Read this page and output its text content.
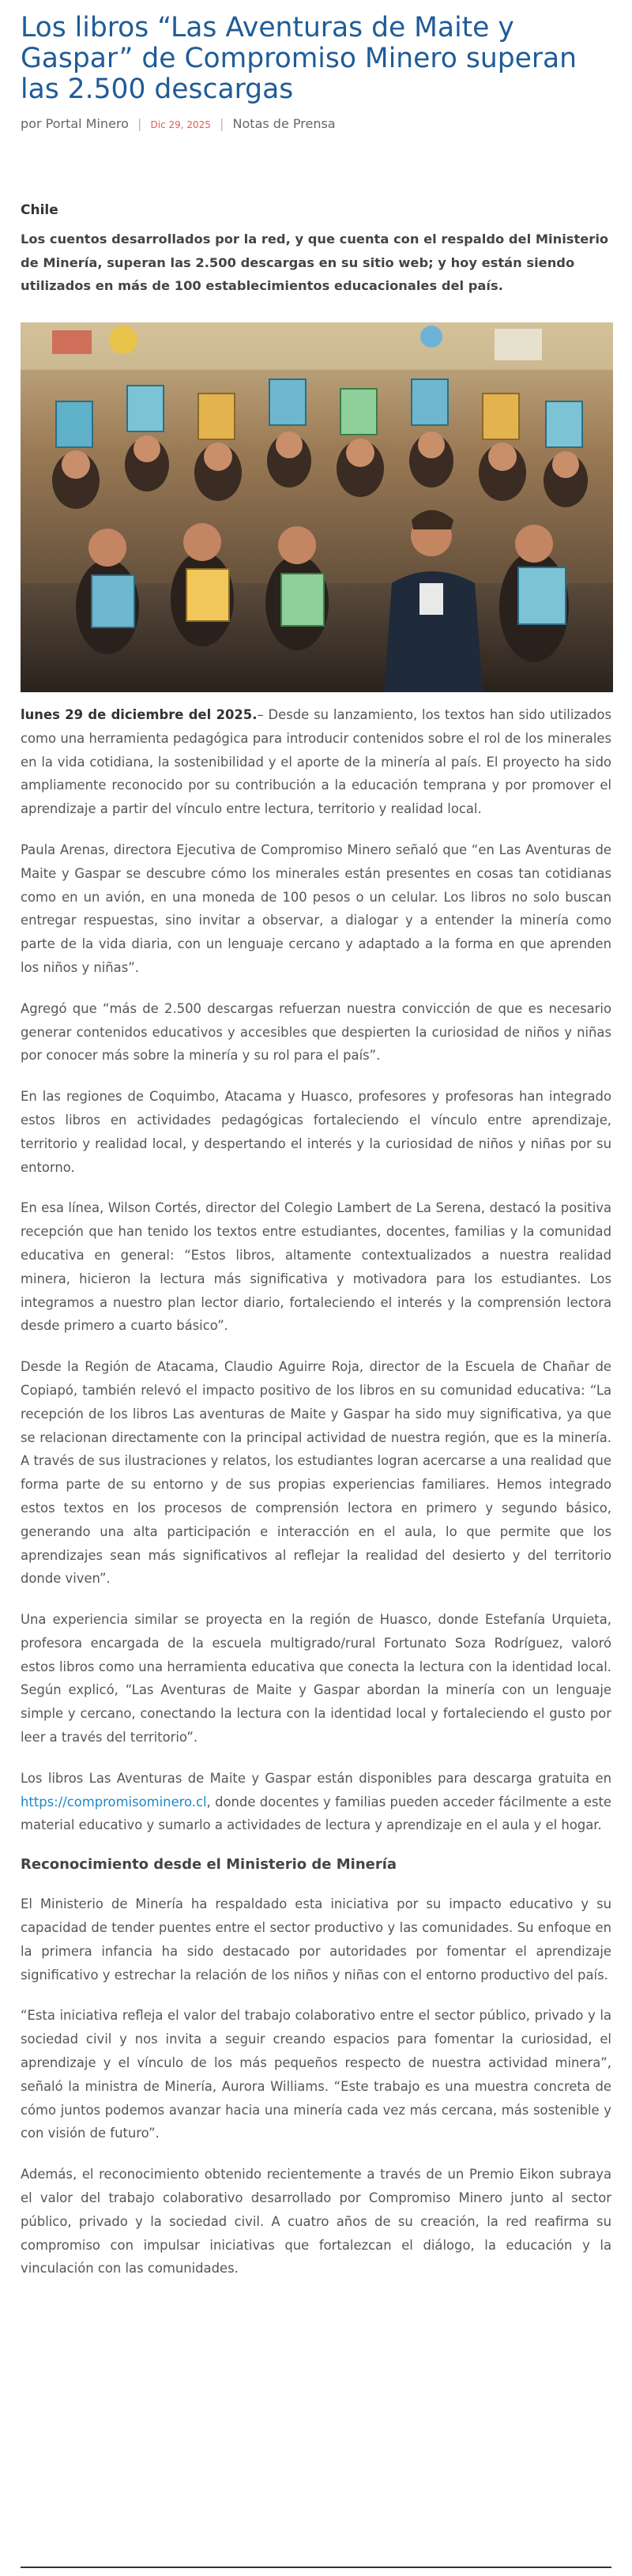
Los libros “Las Aventuras de Maite y Gaspar” de Compromiso Minero superan las 2.500 descargas
por Portal Minero | Dic 29, 2025 | Notas de Prensa
Chile

Los cuentos desarrollados por la red, y que cuenta con el respaldo del Ministerio de Minería, superan las 2.500 descargas en su sitio web; y hoy están siendo utilizados en más de 100 establecimientos educacionales del país.

lunes 29 de diciembre del 2025.– Desde su lanzamiento, los textos han sido utilizados como una herramienta pedagógica para introducir contenidos sobre el rol de los minerales en la vida cotidiana, la sostenibilidad y el aporte de la minería al país. El proyecto ha sido ampliamente reconocido por su contribución a la educación temprana y por promover el aprendizaje a partir del vínculo entre lectura, territorio y realidad local.

Paula Arenas, directora Ejecutiva de Compromiso Minero señaló que “en Las Aventuras de Maite y Gaspar se descubre cómo los minerales están presentes en cosas tan cotidianas como en un avión, en una moneda de 100 pesos o un celular. Los libros no solo buscan entregar respuestas, sino invitar a observar, a dialogar y a entender la minería como parte de la vida diaria, con un lenguaje cercano y adaptado a la forma en que aprenden los niños y niñas”.

Agregó que “más de 2.500 descargas refuerzan nuestra convicción de que es necesario generar contenidos educativos y accesibles que despierten la curiosidad de niños y niñas por conocer más sobre la minería y su rol para el país”.

En las regiones de Coquimbo, Atacama y Huasco, profesores y profesoras han integrado estos libros en actividades pedagógicas fortaleciendo el vínculo entre aprendizaje, territorio y realidad local, y despertando el interés y la curiosidad de niños y niñas por su entorno.

En esa línea, Wilson Cortés, director del Colegio Lambert de La Serena, destacó la positiva recepción que han tenido los textos entre estudiantes, docentes, familias y la comunidad educativa en general: “Estos libros, altamente contextualizados a nuestra realidad minera, hicieron la lectura más significativa y motivadora para los estudiantes. Los integramos a nuestro plan lector diario, fortaleciendo el interés y la comprensión lectora desde primero a cuarto básico”.

Desde la Región de Atacama, Claudio Aguirre Roja, director de la Escuela de Chañar de Copiapó, también relevó el impacto positivo de los libros en su comunidad educativa: “La recepción de los libros Las aventuras de Maite y Gaspar ha sido muy significativa, ya que se relacionan directamente con la principal actividad de nuestra región, que es la minería. A través de sus ilustraciones y relatos, los estudiantes logran acercarse a una realidad que forma parte de su entorno y de sus propias experiencias familiares. Hemos integrado estos textos en los procesos de comprensión lectora en primero y segundo básico, generando una alta participación e interacción en el aula, lo que permite que los aprendizajes sean más significativos al reflejar la realidad del desierto y del territorio donde viven”.

Una experiencia similar se proyecta en la región de Huasco, donde Estefanía Urquieta, profesora encargada de la escuela multigrado/rural Fortunato Soza Rodríguez, valoró estos libros como una herramienta educativa que conecta la lectura con la identidad local. Según explicó, “Las Aventuras de Maite y Gaspar abordan la minería con un lenguaje simple y cercano, conectando la lectura con la identidad local y fortaleciendo el gusto por leer a través del territorio”.

Los libros Las Aventuras de Maite y Gaspar están disponibles para descarga gratuita en https://compromisominero.cl, donde docentes y familias pueden acceder fácilmente a este material educativo y sumarlo a actividades de lectura y aprendizaje en el aula y el hogar.

Reconocimiento desde el Ministerio de Minería

El Ministerio de Minería ha respaldado esta iniciativa por su impacto educativo y su capacidad de tender puentes entre el sector productivo y las comunidades. Su enfoque en la primera infancia ha sido destacado por autoridades por fomentar el aprendizaje significativo y estrechar la relación de los niños y niñas con el entorno productivo del país.

“Esta iniciativa refleja el valor del trabajo colaborativo entre el sector público, privado y la sociedad civil y nos invita a seguir creando espacios para fomentar la curiosidad, el aprendizaje y el vínculo de los más pequeños respecto de nuestra actividad minera”, señaló la ministra de Minería, Aurora Williams. “Este trabajo es una muestra concreta de cómo juntos podemos avanzar hacia una minería cada vez más cercana, más sostenible y con visión de futuro”.

Además, el reconocimiento obtenido recientemente a través de un Premio Eikon subraya el valor del trabajo colaborativo desarrollado por Compromiso Minero junto al sector público, privado y la sociedad civil. A cuatro años de su creación, la red reafirma su compromiso con impulsar iniciativas que fortalezcan el diálogo, la educación y la vinculación con las comunidades.
